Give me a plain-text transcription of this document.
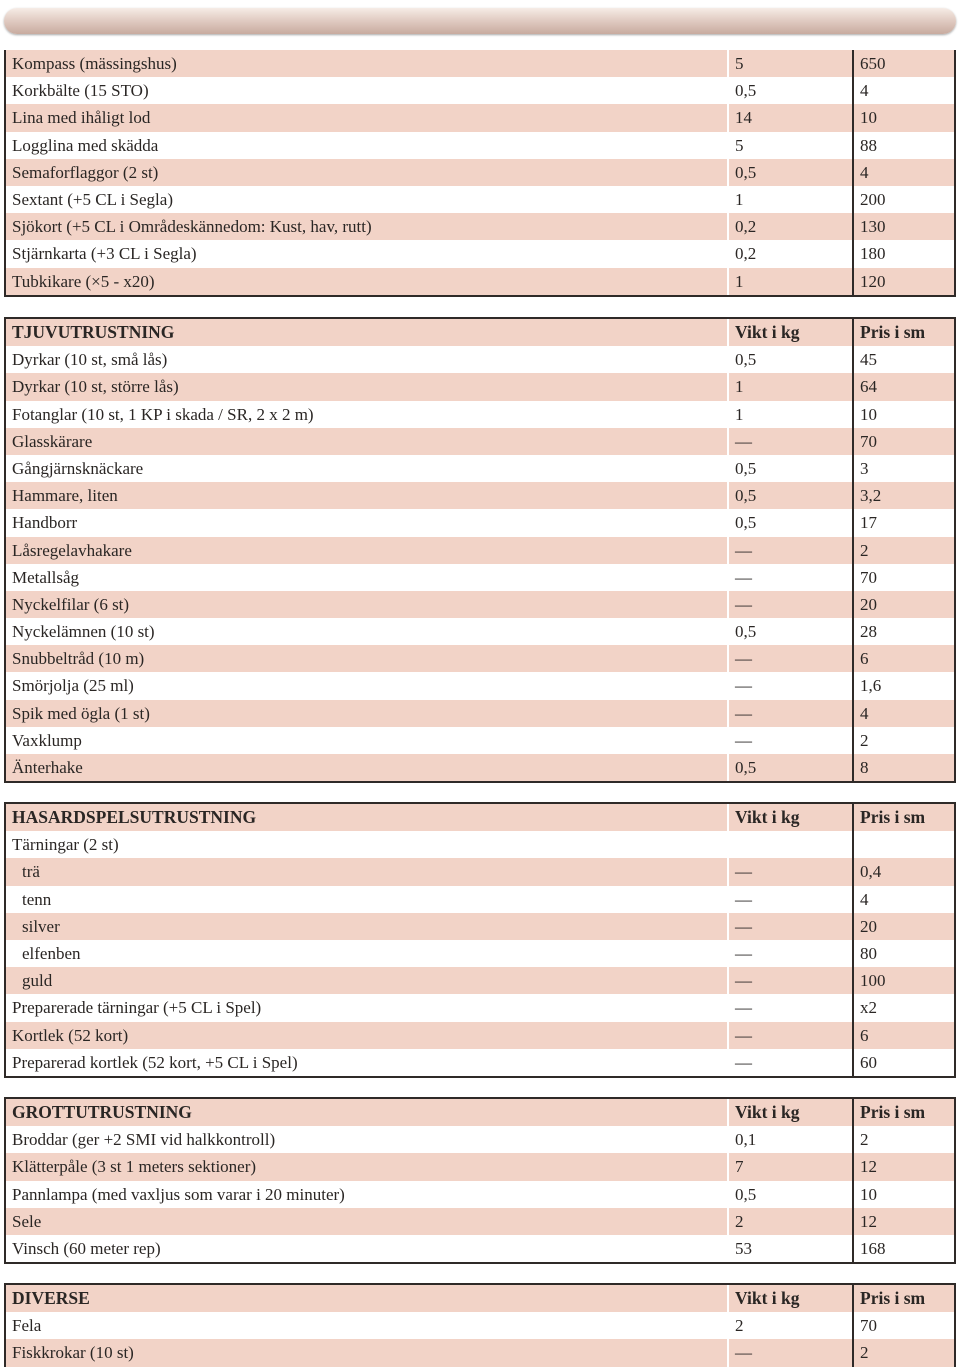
Kompass (mässingshus)	5	650
Korkbälte (15 STO)	0,5	4
Lina med ihåligt lod	14	10
Logglina med skädda	5	88
Semaforflaggor (2 st)	0,5	4
Sextant (+5 CL i Segla)	1	200
Sjökort (+5 CL i Områdeskännedom: Kust, hav, rutt)	0,2	130
Stjärnkarta (+3 CL i Segla)	0,2	180
Tubkikare (×5 - x20)	1	120
TJUVUTRUSTNING	Vikt i kg	Pris i sm
Dyrkar (10 st, små lås)	0,5	45
Dyrkar (10 st, större lås)	1	64
Fotanglar (10 st, 1 KP i skada / SR, 2 x 2 m)	1	10
Glasskärare	—	70
Gångjärnsknäckare	0,5	3
Hammare, liten	0,5	3,2
Handborr	0,5	17
Låsregelavhakare	—	2
Metallsåg	—	70
Nyckelfilar (6 st)	—	20
Nyckelämnen (10 st)	0,5	28
Snubbeltråd (10 m)	—	6
Smörjolja (25 ml)	—	1,6
Spik med ögla (1 st)	—	4
Vaxklump	—	2
Änterhake	0,5	8
HASARDSPELSUTRUSTNING	Vikt i kg	Pris i sm
Tärningar (2 st)
trä	—	0,4
tenn	—	4
silver	—	20
elfenben	—	80
guld	—	100
Preparerade tärningar (+5 CL i Spel)	—	x2
Kortlek (52 kort)	—	6
Preparerad kortlek (52 kort, +5 CL i Spel)	—	60
GROTTUTRUSTNING	Vikt i kg	Pris i sm
Broddar (ger +2 SMI vid halkkontroll)	0,1	2
Klätterpåle (3 st 1 meters sektioner)	7	12
Pannlampa (med vaxljus som varar i 20 minuter)	0,5	10
Sele	2	12
Vinsch (60 meter rep)	53	168
DIVERSE	Vikt i kg	Pris i sm
Fela	2	70
Fiskkrokar (10 st)	—	2
